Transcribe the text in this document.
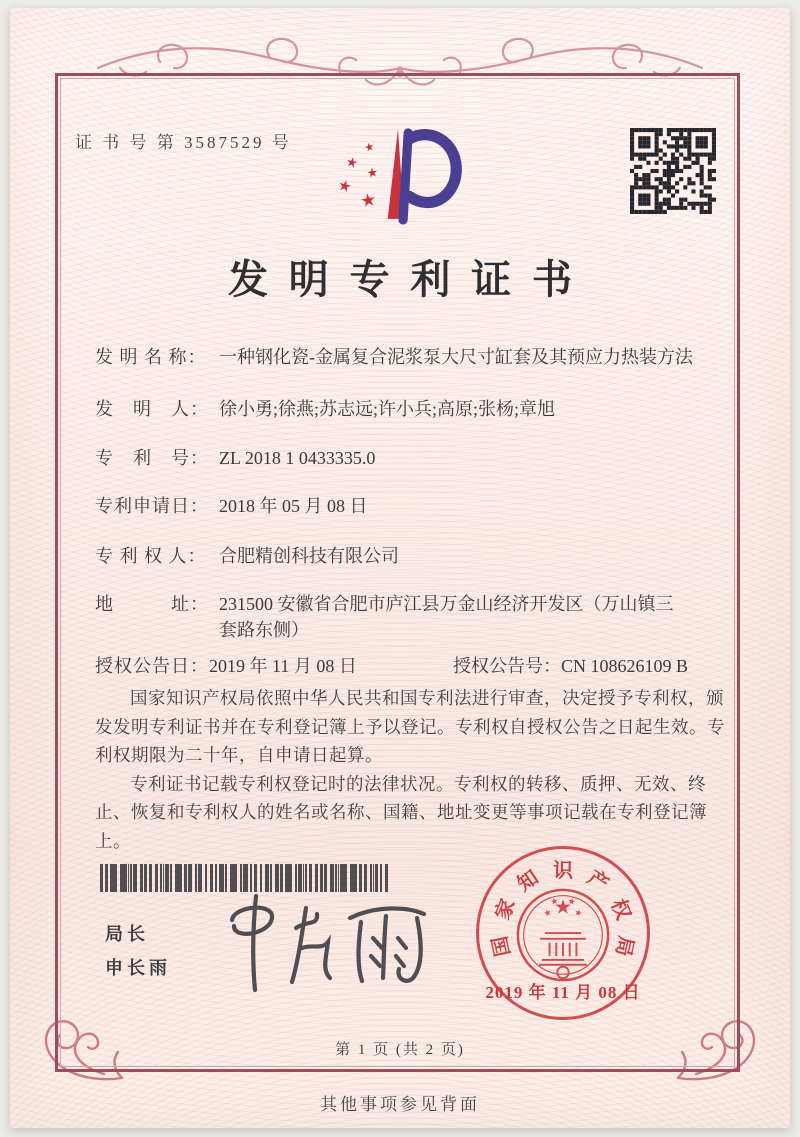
证 书 号 第 3587529 号
发明专利证书
发 明 名 称： 一种钢化瓷-金属复合泥浆泵大尺寸缸套及其预应力热装方法
发　明　人： 徐小勇;徐燕;苏志远;许小兵;高原;张杨;章旭
专　利　号： ZL 2018 1 0433335.0
专利申请日： 2018 年 05 月 08 日
专 利 权 人： 合肥精创科技有限公司
地　　　址： 231500 安徽省合肥市庐江县万金山经济开发区（万山镇三套路东侧）
授权公告日： 2019 年 11 月 08 日	授权公告号： CN 108626109 B

国家知识产权局依照中华人民共和国专利法进行审查，决定授予专利权，颁发发明专利证书并在专利登记簿上予以登记。专利权自授权公告之日起生效。专利权期限为二十年，自申请日起算。

专利证书记载专利权登记时的法律状况。专利权的转移、质押、无效、终止、恢复和专利权人的姓名或名称、国籍、地址变更等事项记载在专利登记簿上。

局长
申长雨
国
家
知 识 产
权
局
2019 年 11 月 08 日
第 1 页 (共 2 页)
其他事项参见背面
